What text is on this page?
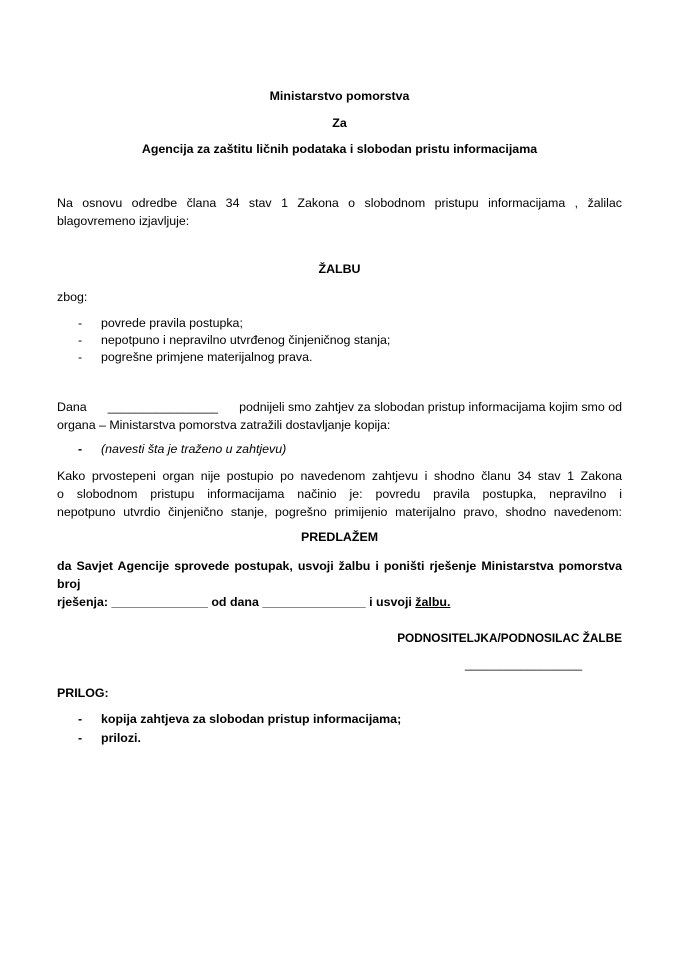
Ministarstvo pomorstva
Za
Agencija za zaštitu ličnih podataka i slobodan pristu informacijama
Na osnovu odredbe člana 34 stav 1 Zakona o slobodnom pristupu informacijama , žalilac
blagovremeno izjavljuje:
ŽALBU
zbog:
- povrede pravila postupka;
- nepotpuno i nepravilno utvrđenog činjeničnog stanja;
- pogrešne primjene materijalnog prava.
Dana ________________ podnijeli smo zahtjev za slobodan pristup informacijama kojim smo od
organa – Ministarstva pomorstva zatražili dostavljanje kopija:
- (navesti šta je traženo u zahtjevu)
Kako prvostepeni organ nije postupio po navedenom zahtjevu i shodno članu 34 stav 1 Zakona
o slobodnom pristupu informacijama načinio je: povredu pravila postupka, nepravilno i
nepotpuno utvrdio činjenično stanje, pogrešno primijenio materijalno pravo, shodno navedenom:
PREDLAŽEM
da Savjet Agencije sprovede postupak, usvoji žalbu i poništi rješenje Ministarstva pomorstva broj
rješenja: ______________ od dana _______________ i usvoji žalbu.
PODNOSITELJKA/PODNOSILAC ŽALBE
_________________
PRILOG:
- kopija zahtjeva za slobodan pristup informacijama;
- prilozi.
